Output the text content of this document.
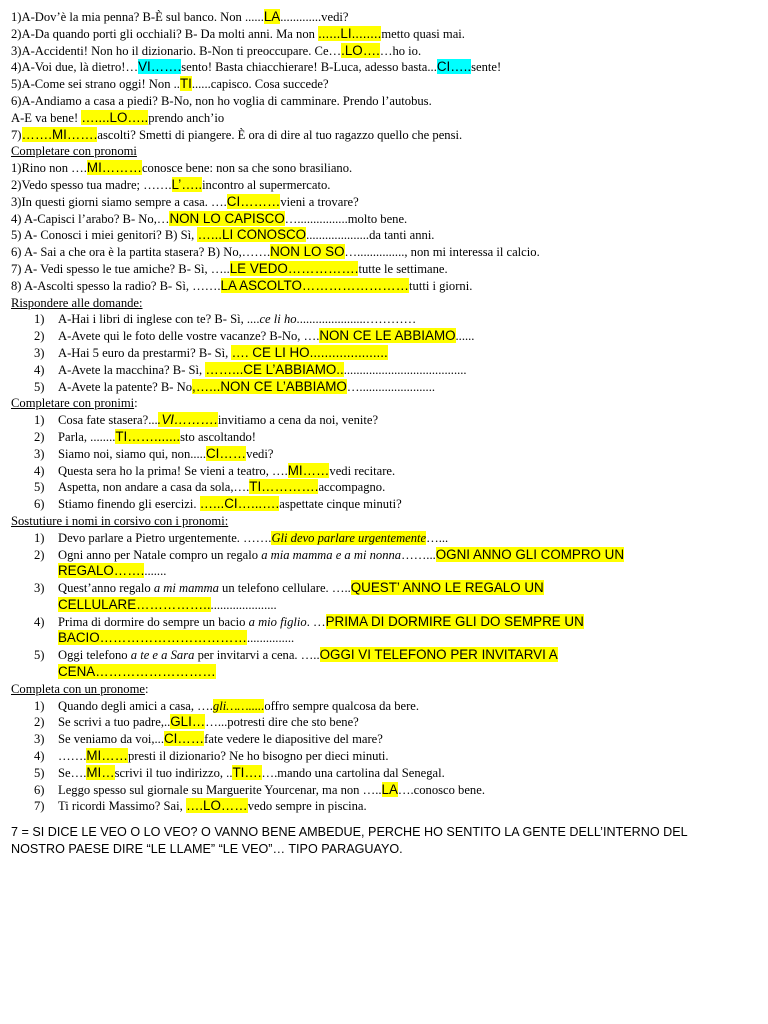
1)A-Dov’è la mia penna? B-È sul banco. Non ......LA.............vedi?
2)A-Da quando porti gli occhiali? B- Da molti anni. Ma non ......LI........metto quasi mai.
3)A-Accidenti! Non ho il dizionario. B-Non ti preoccupare. Ce….LO….…ho io.
4)A-Voi due, là dietro!…VI…….sento! Basta chiacchierare! B-Luca, adesso basta...CI…..sente!
5)A-Come sei strano oggi! Non ..TI......capisco. Cosa succede?
6)A-Andiamo a casa a piedi? B-No, non ho voglia di camminare. Prendo l’autobus.
A-E va bene! …....LO…..prendo anch’io
7)…….MI…….ascolti? Smetti di piangere. È ora di dire al tuo ragazzo quello che pensi.
Completare con pronomi
1)Rino non ….MI………conosce bene: non sa che sono brasiliano.
2)Vedo spesso tua madre; …….L’…..incontro al supermercato.
3)In questi giorni siamo sempre a casa. ….CI………vieni a trovare?
4) A-Capisci l’arabo? B- No,…NON LO CAPISCO…................molto bene.
5) A- Conosci i miei genitori? B) Sì, …...LI CONOSCO....................da tanti anni.
6) A- Sai a che ora è la partita stasera? B) No,…….NON LO SO…..............., non mi interessa il calcio.
7) A- Vedi spesso le tue amiche? B- Sì, …..LE VEDO…………….tutte le settimane.
8) A-Ascolti spesso la radio? B- Sì, …….LA ASCOLTO……………………tutti i giorni.
Rispondere alle domande:
1) A-Hai i libri di inglese con te? B- Sì, ....ce li ho......................…………
2) A-Avete qui le foto delle vostre vacanze? B-No, ….NON CE LE ABBIAMO......
3) A-Hai 5 euro da prestarmi? B- Sì, …. CE LI HO.....................
4) A-Avete la macchina? B- Sì, ……...CE L’ABBIAMO.........................................
5) A-Avete la patente? B- No,…...NON CE L’ABBIAMO…........................
Completare con pronimi:
1) Cosa fate stasera?....VI……….invitiamo a cena da noi, venite?
2) Parla, ........TI…….......sto ascoltando!
3) Siamo noi, siamo qui, non.....CI……vedi?
4) Questa sera ho la prima! Se vieni a teatro, ….MI……vedi recitare.
5) Aspetta, non andare a casa da sola,….TI………….accompagno.
6) Stiamo finendo gli esercizi. …...CI…...….aspettate cinque minuti?
Sostutiure i nomi in corsivo con i pronomi:
1) Devo parlare a Pietro urgentemente. …….Gli devo parlare urgentemente…...
2) Ogni anno per Natale compro un regalo a mia mamma e a mi nonna……...OGNI ANNO GLI COMPRO UN
REGALO……........
3) Quest’anno regalo a mi mamma un telefono cellulare. …..QUEST’ ANNO LE REGALO UN
CELLULARE…………….......................
4) Prima di dormire do sempre un bacio a mio figlio. …PRIMA DI DORMIRE GLI DO SEMPRE UN
BACIO……………………………...............
5) Oggi telefono a te e a Sara per invitarvi a cena. …..OGGI VI TELEFONO PER INVITARVI A
CENA………………………
Completa con un pronome:
1) Quando degli amici a casa, ….gli…….....offro sempre qualcosa da bere.
2) Se scrivi a tuo padre,..GLI……...potresti dire che sto bene?
3) Se veniamo da voi,...CI……fate vedere le diapositive del mare?
4) …….MI……presti il dizionario? Ne ho bisogno per dieci minuti.
5) Se….MI…scrivi il tuo indirizzo, ..TI….….mando una cartolina dal Senegal.
6) Leggo spesso sul giornale su Marguerite Yourcenar, ma non …..LA….conosco bene.
7) Ti ricordi Massimo? Sai, ….LO……vedo sempre in piscina.
7 = SI DICE LE VEO O LO VEO? O VANNO BENE AMBEDUE, PERCHE HO SENTITO LA GENTE DELL’INTERNO DEL NOSTRO PAESE DIRE “LE LLAME” “LE VEO”… TIPO PARAGUAYO.
